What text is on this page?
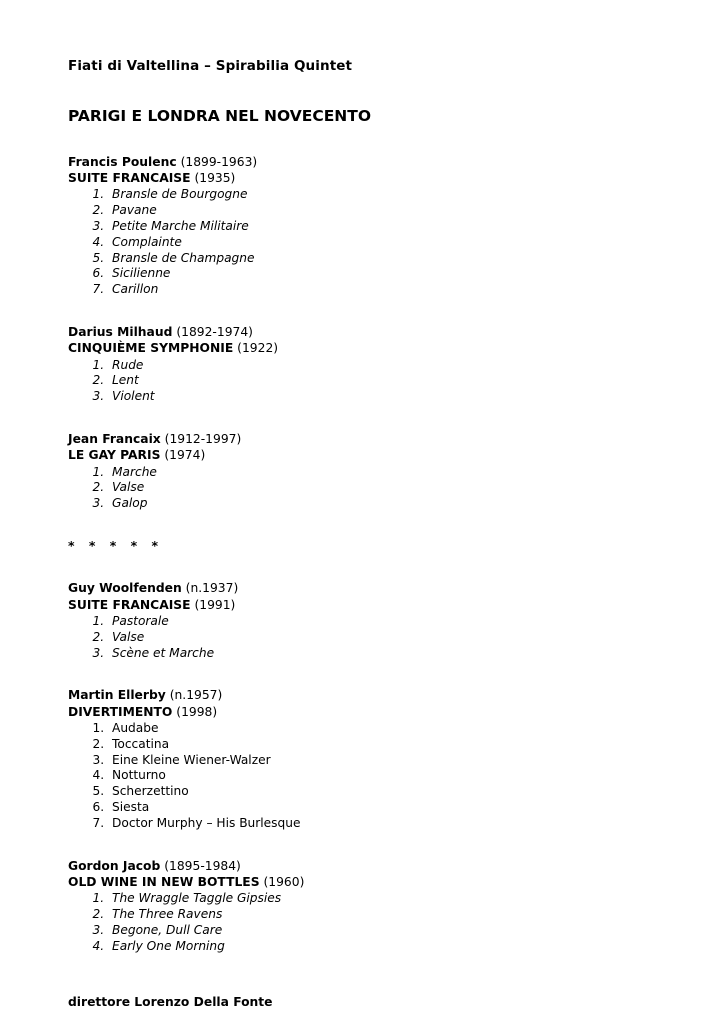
Fiati di Valtellina – Spirabilia Quintet
PARIGI E LONDRA NEL NOVECENTO
Francis Poulenc (1899-1963)
SUITE FRANCAISE (1935)
1. Bransle de Bourgogne
2. Pavane
3. Petite Marche Militaire
4. Complainte
5. Bransle de Champagne
6. Sicilienne
7. Carillon
Darius Milhaud (1892-1974)
CINQUIÈME SYMPHONIE (1922)
1. Rude
2. Lent
3. Violent
Jean Francaix (1912-1997)
LE GAY PARIS (1974)
1. Marche
2. Valse
3. Galop
* * * * *
Guy Woolfenden (n.1937)
SUITE FRANCAISE (1991)
1. Pastorale
2. Valse
3. Scène et Marche
Martin Ellerby (n.1957)
DIVERTIMENTO (1998)
1. Audabe
2. Toccatina
3. Eine Kleine Wiener-Walzer
4. Notturno
5. Scherzettino
6. Siesta
7. Doctor Murphy – His Burlesque
Gordon Jacob (1895-1984)
OLD WINE IN NEW BOTTLES (1960)
1. The Wraggle Taggle Gipsies
2. The Three Ravens
3. Begone, Dull Care
4. Early One Morning
direttore Lorenzo Della Fonte
